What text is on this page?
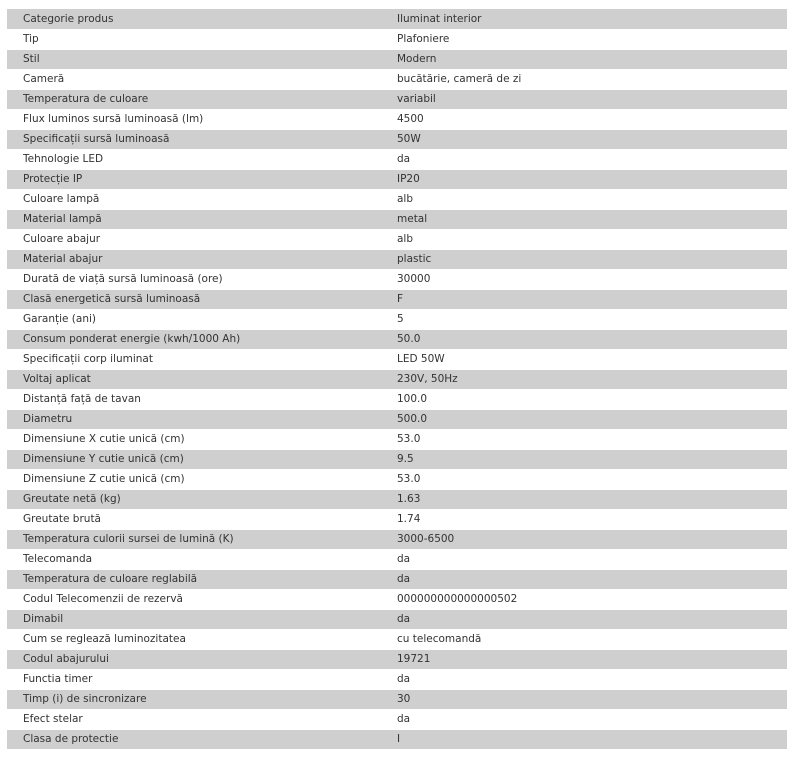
Categorie produs	Iluminat interior
Tip	Plafoniere
Stil	Modern
Cameră	bucătărie, cameră de zi
Temperatura de culoare	variabil
Flux luminos sursă luminoasă (lm)	4500
Specificații sursă luminoasă	50W
Tehnologie LED	da
Protecție IP	IP20
Culoare lampă	alb
Material lampă	metal
Culoare abajur	alb
Material abajur	plastic
Durată de viață sursă luminoasă (ore)	30000
Clasă energetică sursă luminoasă	F
Garanție (ani)	5
Consum ponderat energie (kwh/1000 Ah)	50.0
Specificații corp iluminat	LED 50W
Voltaj aplicat	230V, 50Hz
Distanță față de tavan	100.0
Diametru	500.0
Dimensiune X cutie unică (cm)	53.0
Dimensiune Y cutie unică (cm)	9.5
Dimensiune Z cutie unică (cm)	53.0
Greutate netă (kg)	1.63
Greutate brută	1.74
Temperatura culorii sursei de lumină (K)	3000-6500
Telecomanda	da
Temperatura de culoare reglabilă	da
Codul Telecomenzii de rezervă	000000000000000502
Dimabil	da
Cum se reglează luminozitatea	cu telecomandă
Codul abajurului	19721
Functia timer	da
Timp (i) de sincronizare	30
Efect stelar	da
Clasa de protectie	I
